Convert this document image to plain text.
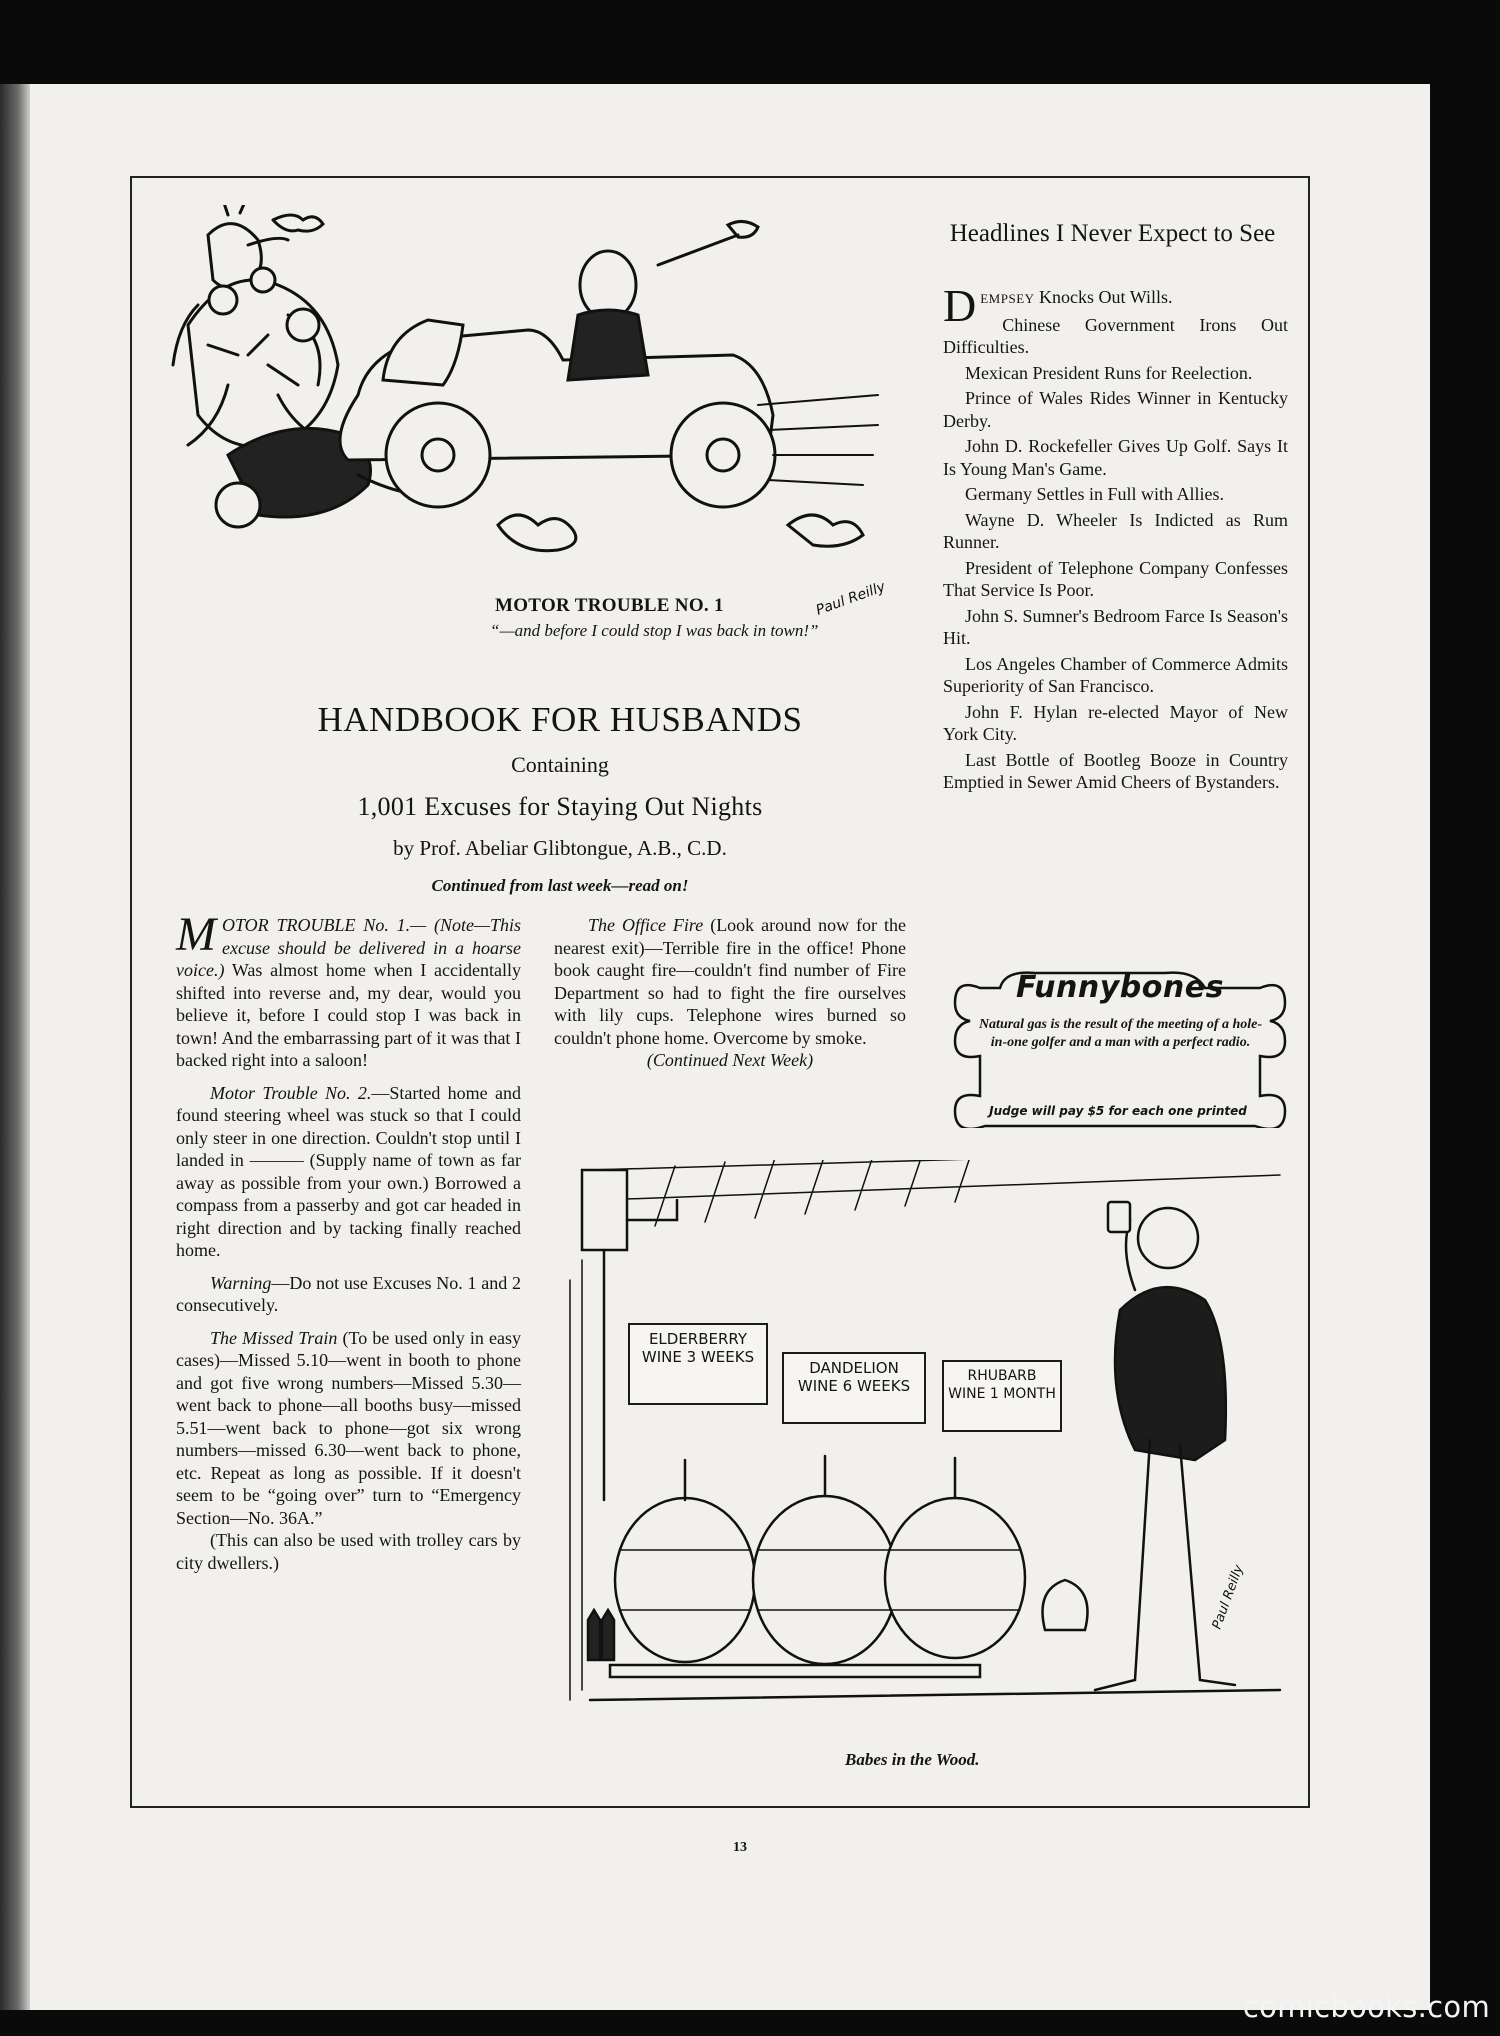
Paul Reilly
MOTOR TROUBLE NO. 1
“—and before I could stop I was back in town!”
HANDBOOK FOR HUSBANDS
Containing
1,001 Excuses for Staying Out Nights
by Prof. Abeliar Glibtongue, A.B., C.D.
Continued from last week—read on!

MOTOR TROUBLE No. 1.— (Note—This excuse should be delivered in a hoarse voice.) Was almost home when I accidentally shifted into reverse and, my dear, would you believe it, before I could stop I was back in town! And the embarrassing part of it was that I backed right into a saloon!

Motor Trouble No. 2.—Started home and found steering wheel was stuck so that I could only steer in one direction. Couldn't stop until I landed in ——— (Supply name of town as far away as possible from your own.) Borrowed a compass from a passerby and got car headed in right direction and by tacking finally reached home.

Warning—Do not use Excuses No. 1 and 2 consecutively.

The Missed Train (To be used only in easy cases)—Missed 5.10—went in booth to phone and got five wrong numbers—Missed 5.30—went back to phone—all booths busy—missed 5.51—went back to phone—got six wrong numbers—missed 6.30—went back to phone, etc. Repeat as long as possible. If it doesn't seem to be “going over” turn to “Emergency Section—No. 36A.”

(This can also be used with trolley cars by city dwellers.)

The Office Fire (Look around now for the nearest exit)—Terrible fire in the office! Phone book caught fire—couldn't find number of Fire Department so had to fight the fire ourselves with lily cups. Telephone wires burned so couldn't phone home. Overcome by smoke.

(Continued Next Week)

Headlines I Never Expect to See

DEMPSEY Knocks Out Wills.

Chinese Government Irons Out Difficulties.

Mexican President Runs for Reelection.

Prince of Wales Rides Winner in Kentucky Derby.

John D. Rockefeller Gives Up Golf. Says It Is Young Man's Game.

Germany Settles in Full with Allies.

Wayne D. Wheeler Is Indicted as Rum Runner.

President of Telephone Company Confesses That Service Is Poor.

John S. Sumner's Bedroom Farce Is Season's Hit.

Los Angeles Chamber of Commerce Admits Superiority of San Francisco.

John F. Hylan re-elected Mayor of New York City.

Last Bottle of Bootleg Booze in Country Emptied in Sewer Amid Cheers of Bystanders.

Funnybones
Natural gas is the result of the meeting of a hole-in-one golfer and a man with a perfect radio.
Judge will pay $5 for each one printed
Paul Reilly
ELDERBERRY WINE 3 WEEKS
DANDELION WINE 6 WEEKS
RHUBARB WINE 1 MONTH
Babes in the Wood.
13
comicbooks.com
